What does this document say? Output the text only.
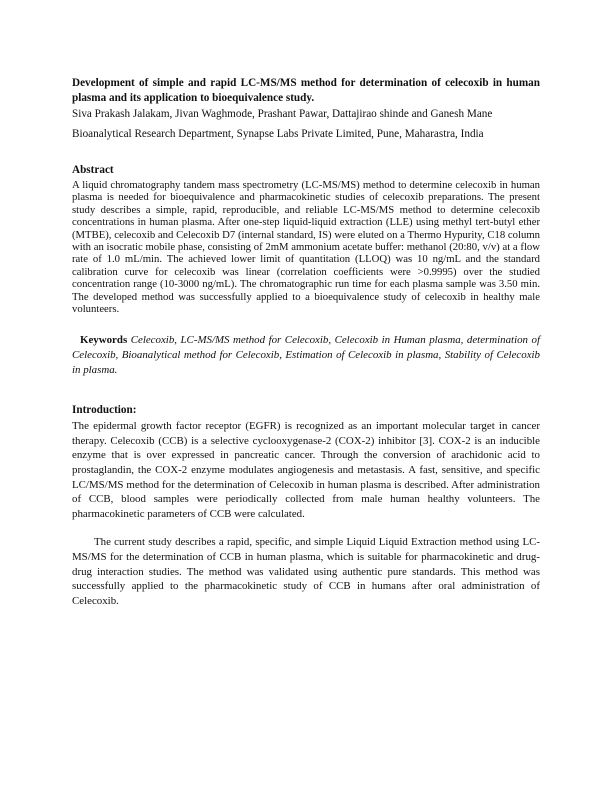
Development of simple and rapid LC-MS/MS method for determination of celecoxib in human plasma and its application to bioequivalence study.

Siva Prakash Jalakam, Jivan Waghmode, Prashant Pawar, Dattajirao shinde and Ganesh Mane

Bioanalytical Research Department, Synapse Labs Private Limited, Pune, Maharastra, India

Abstract

A liquid chromatography tandem mass spectrometry (LC-MS/MS) method to determine celecoxib in human plasma is needed for bioequivalence and pharmacokinetic studies of celecoxib preparations. The present study describes a simple, rapid, reproducible, and reliable LC-MS/MS method to determine celecoxib concentrations in human plasma. After one-step liquid-liquid extraction (LLE) using methyl tert-butyl ether (MTBE), celecoxib and Celecoxib D7 (internal standard, IS) were eluted on a Thermo Hypurity, C18 column with an isocratic mobile phase, consisting of 2mM ammonium acetate buffer: methanol (20:80, v/v) at a flow rate of 1.0 mL/min. The achieved lower limit of quantitation (LLOQ) was 10 ng/mL and the standard calibration curve for celecoxib was linear (correlation coefficients were >0.9995) over the studied concentration range (10-3000 ng/mL). The chromatographic run time for each plasma sample was 3.50 min. The developed method was successfully applied to a bioequivalence study of celecoxib in healthy male volunteers.

Keywords Celecoxib, LC-MS/MS method for Celecoxib, Celecoxib in Human plasma, determination of Celecoxib, Bioanalytical method for Celecoxib, Estimation of Celecoxib in plasma, Stability of Celecoxib in plasma.

Introduction:

The epidermal growth factor receptor (EGFR) is recognized as an important molecular target in cancer therapy. Celecoxib (CCB) is a selective cyclooxygenase-2 (COX-2) inhibitor [3]. COX-2 is an inducible enzyme that is over expressed in pancreatic cancer. Through the conversion of arachidonic acid to prostaglandin, the COX-2 enzyme modulates angiogenesis and metastasis. A fast, sensitive, and specific LC/MS/MS method for the determination of Celecoxib in human plasma is described. After administration of CCB, blood samples were periodically collected from male human healthy volunteers. The pharmacokinetic parameters of CCB were calculated.

The current study describes a rapid, specific, and simple Liquid Liquid Extraction method using LC-MS/MS for the determination of CCB in human plasma, which is suitable for pharmacokinetic and drug-drug interaction studies. The method was validated using authentic pure standards. This method was successfully applied to the pharmacokinetic study of CCB in humans after oral administration of Celecoxib.
